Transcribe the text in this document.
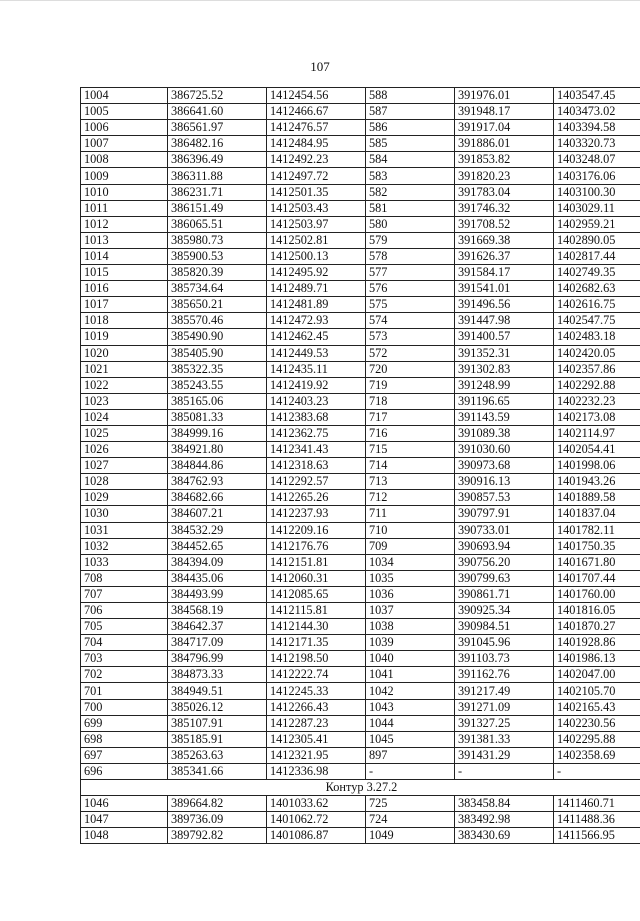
107
1004	386725.52	1412454.56	588	391976.01	1403547.45
1005	386641.60	1412466.67	587	391948.17	1403473.02
1006	386561.97	1412476.57	586	391917.04	1403394.58
1007	386482.16	1412484.95	585	391886.01	1403320.73
1008	386396.49	1412492.23	584	391853.82	1403248.07
1009	386311.88	1412497.72	583	391820.23	1403176.06
1010	386231.71	1412501.35	582	391783.04	1403100.30
1011	386151.49	1412503.43	581	391746.32	1403029.11
1012	386065.51	1412503.97	580	391708.52	1402959.21
1013	385980.73	1412502.81	579	391669.38	1402890.05
1014	385900.53	1412500.13	578	391626.37	1402817.44
1015	385820.39	1412495.92	577	391584.17	1402749.35
1016	385734.64	1412489.71	576	391541.01	1402682.63
1017	385650.21	1412481.89	575	391496.56	1402616.75
1018	385570.46	1412472.93	574	391447.98	1402547.75
1019	385490.90	1412462.45	573	391400.57	1402483.18
1020	385405.90	1412449.53	572	391352.31	1402420.05
1021	385322.35	1412435.11	720	391302.83	1402357.86
1022	385243.55	1412419.92	719	391248.99	1402292.88
1023	385165.06	1412403.23	718	391196.65	1402232.23
1024	385081.33	1412383.68	717	391143.59	1402173.08
1025	384999.16	1412362.75	716	391089.38	1402114.97
1026	384921.80	1412341.43	715	391030.60	1402054.41
1027	384844.86	1412318.63	714	390973.68	1401998.06
1028	384762.93	1412292.57	713	390916.13	1401943.26
1029	384682.66	1412265.26	712	390857.53	1401889.58
1030	384607.21	1412237.93	711	390797.91	1401837.04
1031	384532.29	1412209.16	710	390733.01	1401782.11
1032	384452.65	1412176.76	709	390693.94	1401750.35
1033	384394.09	1412151.81	1034	390756.20	1401671.80
708	384435.06	1412060.31	1035	390799.63	1401707.44
707	384493.99	1412085.65	1036	390861.71	1401760.00
706	384568.19	1412115.81	1037	390925.34	1401816.05
705	384642.37	1412144.30	1038	390984.51	1401870.27
704	384717.09	1412171.35	1039	391045.96	1401928.86
703	384796.99	1412198.50	1040	391103.73	1401986.13
702	384873.33	1412222.74	1041	391162.76	1402047.00
701	384949.51	1412245.33	1042	391217.49	1402105.70
700	385026.12	1412266.43	1043	391271.09	1402165.43
699	385107.91	1412287.23	1044	391327.25	1402230.56
698	385185.91	1412305.41	1045	391381.33	1402295.88
697	385263.63	1412321.95	897	391431.29	1402358.69
696	385341.66	1412336.98	-	-	-
Контур 3.27.2					
1046	389664.82	1401033.62	725	383458.84	1411460.71
1047	389736.09	1401062.72	724	383492.98	1411488.36
1048	389792.82	1401086.87	1049	383430.69	1411566.95
